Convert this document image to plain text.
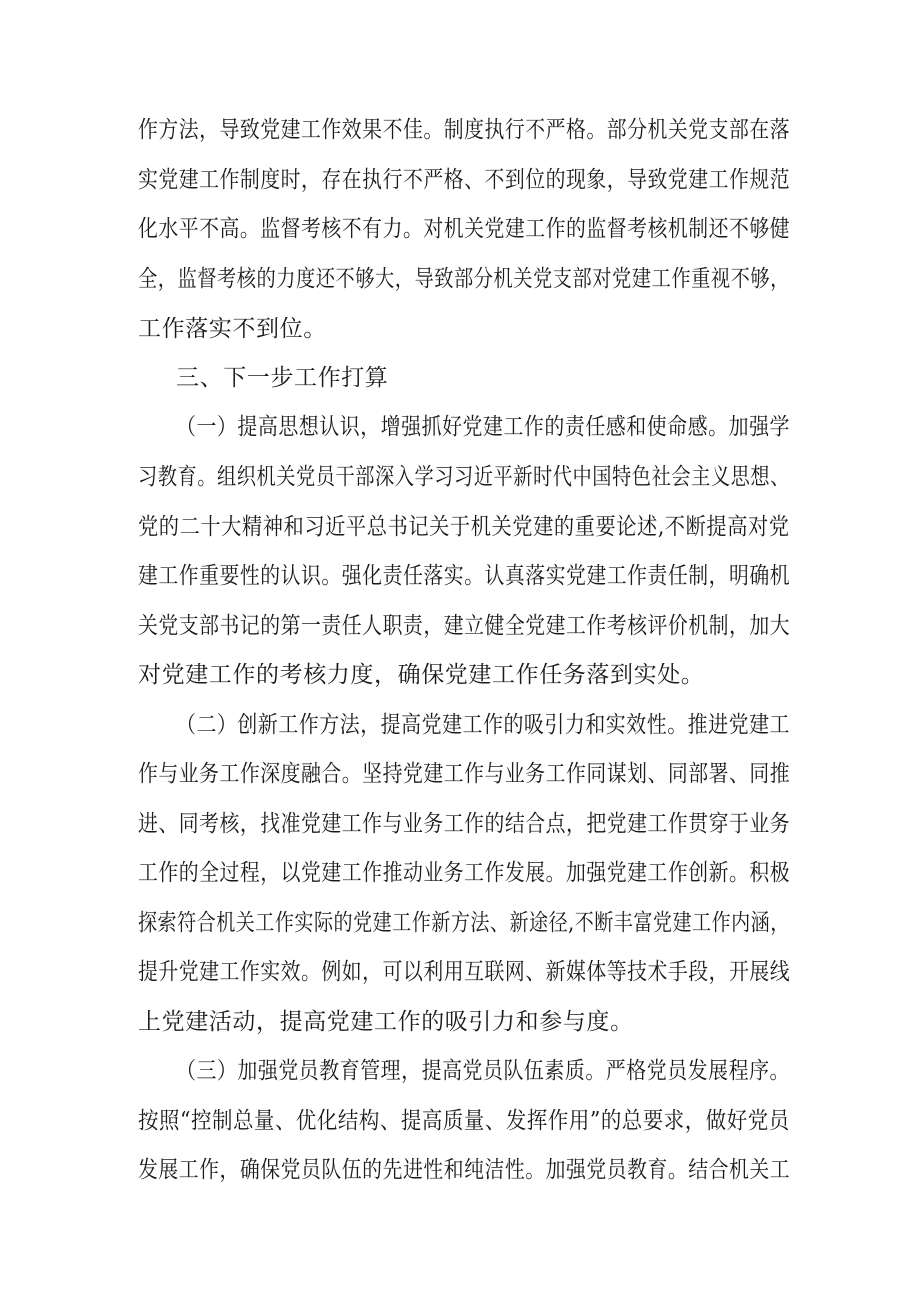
作方法，导致党建工作效果不佳。制度执行不严格。部分机关党支部在落
实党建工作制度时，存在执行不严格、不到位的现象，导致党建工作规范
化水平不高。监督考核不有力。对机关党建工作的监督考核机制还不够健
全，监督考核的力度还不够大，导致部分机关党支部对党建工作重视不够，
工作落实不到位。
三、下一步工作打算
（一）提高思想认识，增强抓好党建工作的责任感和使命感。加强学
习教育。组织机关党员干部深入学习习近平新时代中国特色社会主义思想、
党的二十大精神和习近平总书记关于机关党建的重要论述,不断提高对党
建工作重要性的认识。强化责任落实。认真落实党建工作责任制，明确机
关党支部书记的第一责任人职责，建立健全党建工作考核评价机制，加大
对党建工作的考核力度，确保党建工作任务落到实处。
（二）创新工作方法，提高党建工作的吸引力和实效性。推进党建工
作与业务工作深度融合。坚持党建工作与业务工作同谋划、同部署、同推
进、同考核，找准党建工作与业务工作的结合点，把党建工作贯穿于业务
工作的全过程，以党建工作推动业务工作发展。加强党建工作创新。积极
探索符合机关工作实际的党建工作新方法、新途径,不断丰富党建工作内涵，
提升党建工作实效。例如，可以利用互联网、新媒体等技术手段，开展线
上党建活动，提高党建工作的吸引力和参与度。
（三）加强党员教育管理，提高党员队伍素质。严格党员发展程序。
按照“控制总量、优化结构、提高质量、发挥作用”的总要求，做好党员
发展工作，确保党员队伍的先进性和纯洁性。加强党员教育。结合机关工
